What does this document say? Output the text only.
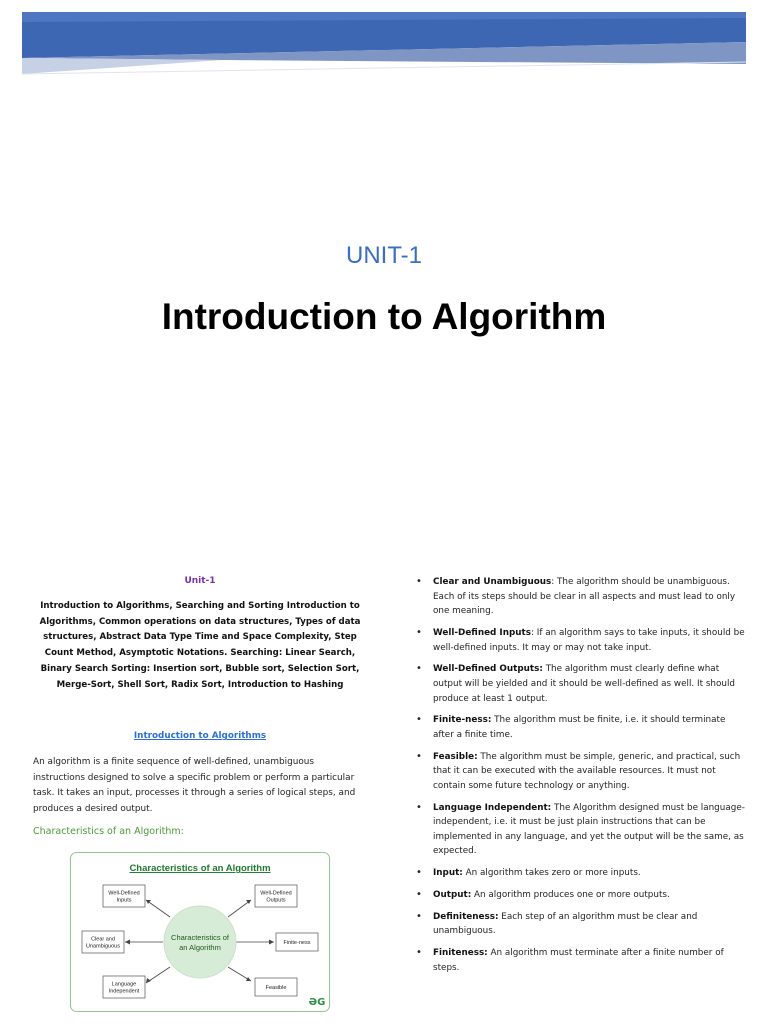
UNIT-1
Introduction to Algorithm

Unit-1

Introduction to Algorithms, Searching and Sorting Introduction to Algorithms, Common operations on data structures, Types of data structures, Abstract Data Type Time and Space Complexity, Step Count Method, Asymptotic Notations. Searching: Linear Search, Binary Search Sorting: Insertion sort, Bubble sort, Selection Sort, Merge-Sort, Shell Sort, Radix Sort, Introduction to Hashing

Introduction to Algorithms

An algorithm is a finite sequence of well-defined, unambiguous instructions designed to solve a specific problem or perform a particular task. It takes an input, processes it through a series of logical steps, and produces a desired output.

Characteristics of an Algorithm:

Characteristics of an Algorithm
Characteristics of
an Algorithm
Well-Defined
Inputs
Well-Defined
Outputs
Clear and
Unambiguous
Finite-ness
Language
Independent
Feasible
ƏG
• Clear and Unambiguous: The algorithm should be unambiguous. Each of its steps should be clear in all aspects and must lead to only one meaning.
• Well-Defined Inputs: If an algorithm says to take inputs, it should be well-defined inputs. It may or may not take input.
• Well-Defined Outputs: The algorithm must clearly define what output will be yielded and it should be well-defined as well. It should produce at least 1 output.
• Finite-ness: The algorithm must be finite, i.e. it should terminate after a finite time.
• Feasible: The algorithm must be simple, generic, and practical, such that it can be executed with the available resources. It must not contain some future technology or anything.
• Language Independent: The Algorithm designed must be language-independent, i.e. it must be just plain instructions that can be implemented in any language, and yet the output will be the same, as expected.
• Input: An algorithm takes zero or more inputs.
• Output: An algorithm produces one or more outputs.
• Definiteness: Each step of an algorithm must be clear and unambiguous.
• Finiteness: An algorithm must terminate after a finite number of steps.
